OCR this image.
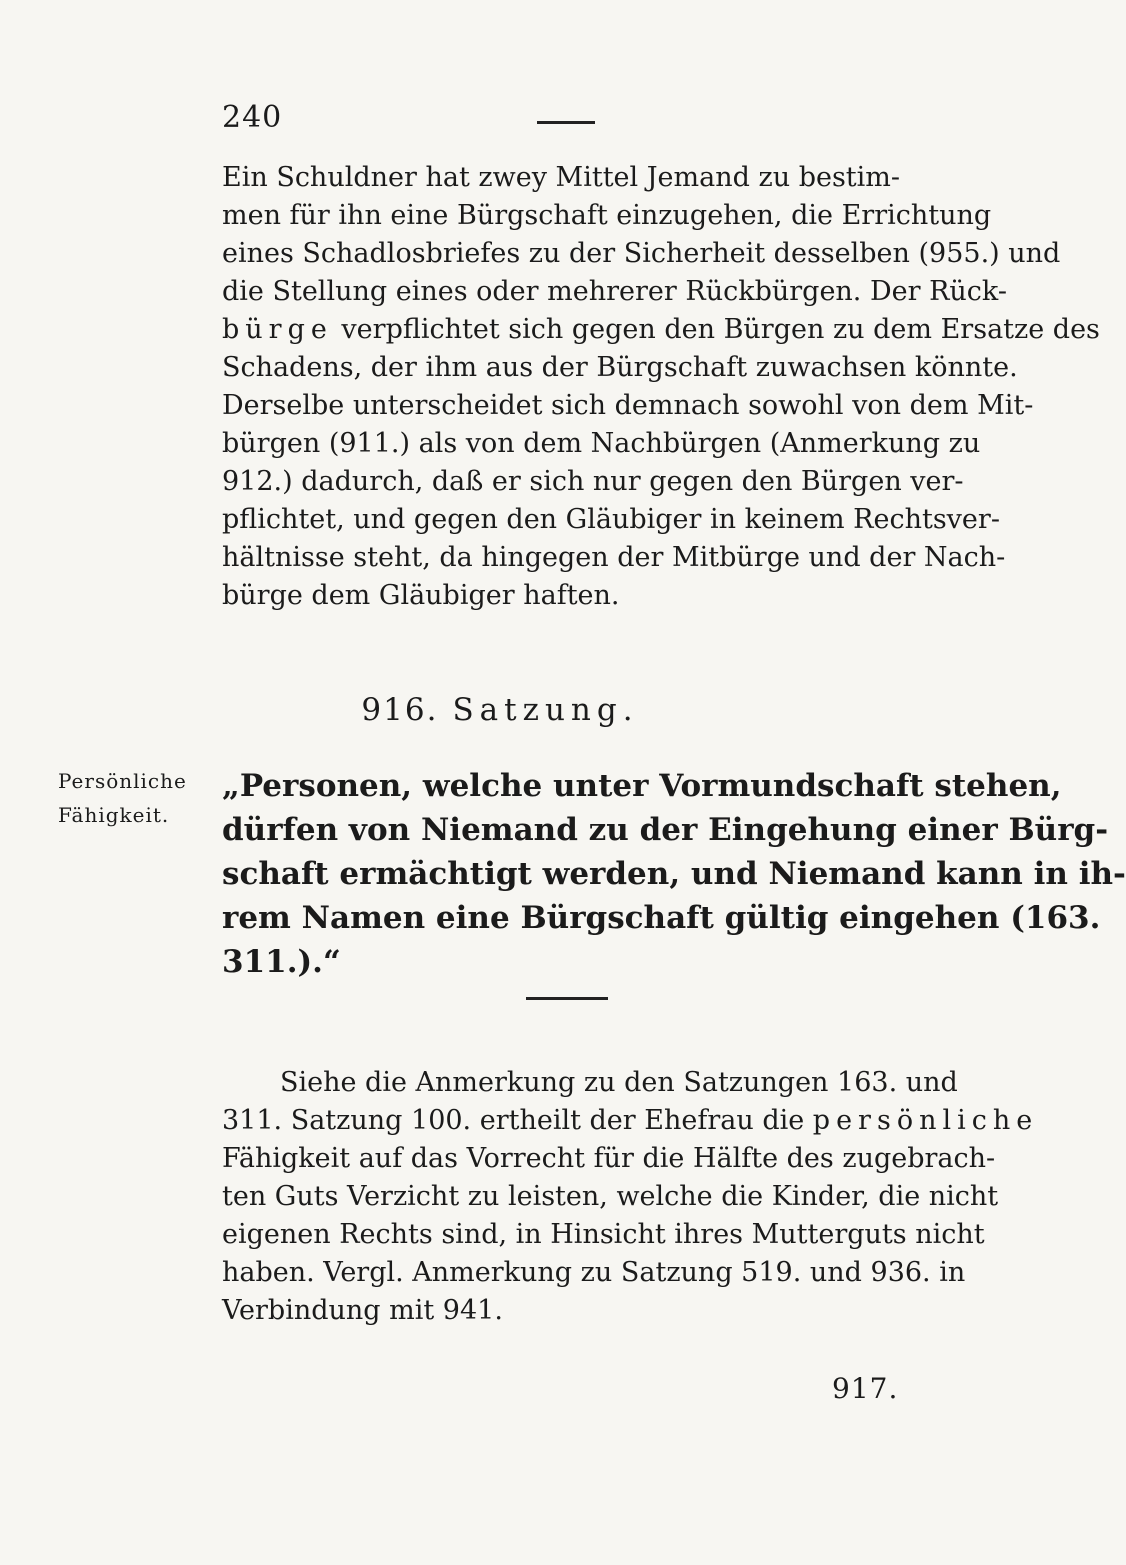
240
Ein Schuldner hat zwey Mittel Jemand zu bestim-
men für ihn eine Bürgschaft einzugehen, die Errichtung
eines Schadlosbriefes zu der Sicherheit desselben (955.) und
die Stellung eines oder mehrerer Rückbürgen. Der Rück-
bürge verpflichtet sich gegen den Bürgen zu dem Ersatze des
Schadens, der ihm aus der Bürgschaft zuwachsen könnte.
Derselbe unterscheidet sich demnach sowohl von dem Mit-
bürgen (911.) als von dem Nachbürgen (Anmerkung zu
912.) dadurch, daß er sich nur gegen den Bürgen ver-
pflichtet, und gegen den Gläubiger in keinem Rechtsver-
hältnisse steht, da hingegen der Mitbürge und der Nach-
bürge dem Gläubiger haften.
916. Satzung.
Persönliche
Fähigkeit.
„Personen, welche unter Vormundschaft stehen,
dürfen von Niemand zu der Eingehung einer Bürg-
schaft ermächtigt werden, und Niemand kann in ih-
rem Namen eine Bürgschaft gültig eingehen (163.
311.).“
Siehe die Anmerkung zu den Satzungen 163. und
311. Satzung 100. ertheilt der Ehefrau die persönliche
Fähigkeit auf das Vorrecht für die Hälfte des zugebrach-
ten Guts Verzicht zu leisten, welche die Kinder, die nicht
eigenen Rechts sind, in Hinsicht ihres Mutterguts nicht
haben. Vergl. Anmerkung zu Satzung 519. und 936. in
Verbindung mit 941.
917.
